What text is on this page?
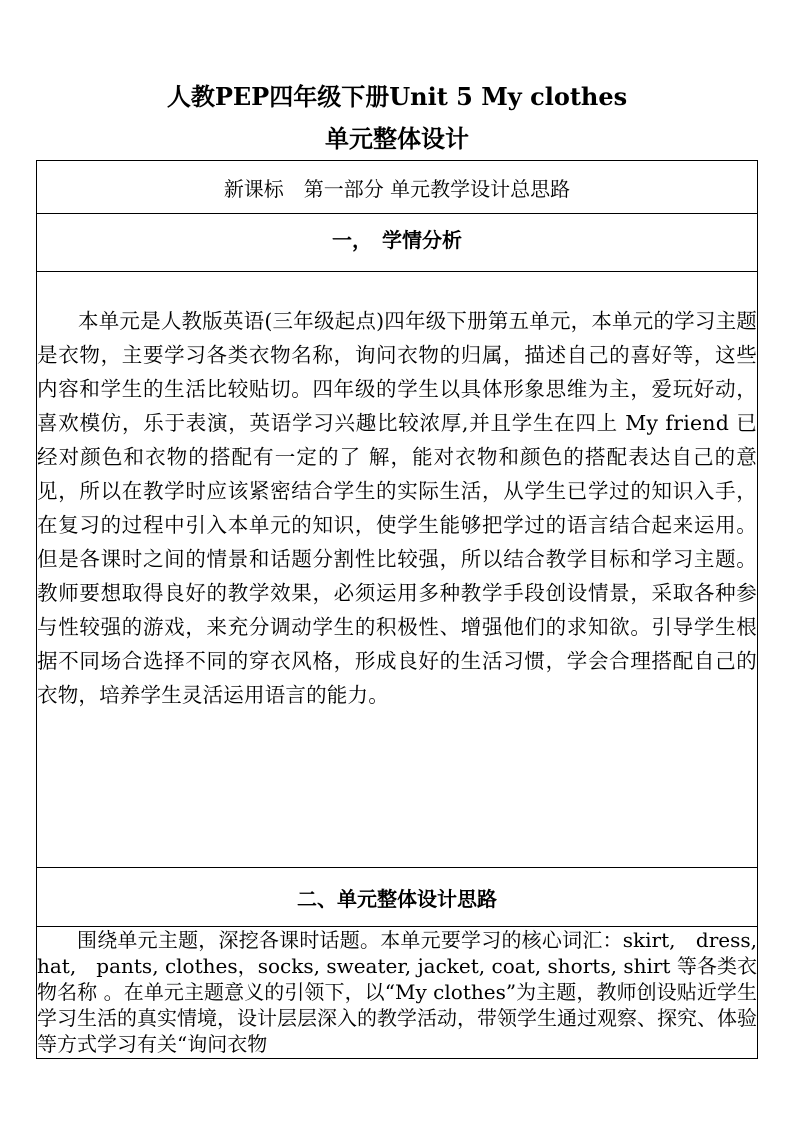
人教PEP四年级下册Unit 5 My clothes
单元整体设计
新课标　第一部分 单元教学设计总思路
一，　学情分析

本单元是人教版英语(三年级起点)四年级下册第五单元，本单元的学习主题是衣物，主要学习各类衣物名称，询问衣物的归属，描述自己的喜好等，这些内容和学生的生活比较贴切。四年级的学生以具体形象思维为主，爱玩好动，喜欢模仿，乐于表演，英语学习兴趣比较浓厚,并且学生在四上 My friend 已经对颜色和衣物的搭配有一定的了 解，能对衣物和颜色的搭配表达自己的意见，所以在教学时应该紧密结合学生的实际生活，从学生已学过的知识入手，在复习的过程中引入本单元的知识，使学生能够把学过的语言结合起来运用。但是各课时之间的情景和话题分割性比较强，所以结合教学目标和学习主题。教师要想取得良好的教学效果，必须运用多种教学手段创设情景，采取各种参与性较强的游戏，来充分调动学生的积极性、增强他们的求知欲。引导学生根据不同场合选择不同的穿衣风格，形成良好的生活习惯，学会合理搭配自己的衣物，培养学生灵活运用语言的能力。

二、单元整体设计思路

围绕单元主题，深挖各课时话题。本单元要学习的核心词汇：skirt,　dress,　hat,　pants, clothes，socks, sweater, jacket, coat, shorts, shirt 等各类衣物名称 。在单元主题意义的引领下，以“My clothes”为主题，教师创设贴近学生学习生活的真实情境，设计层层深入的教学活动，带领学生通过观察、探究、体验等方式学习有关“询问衣物
